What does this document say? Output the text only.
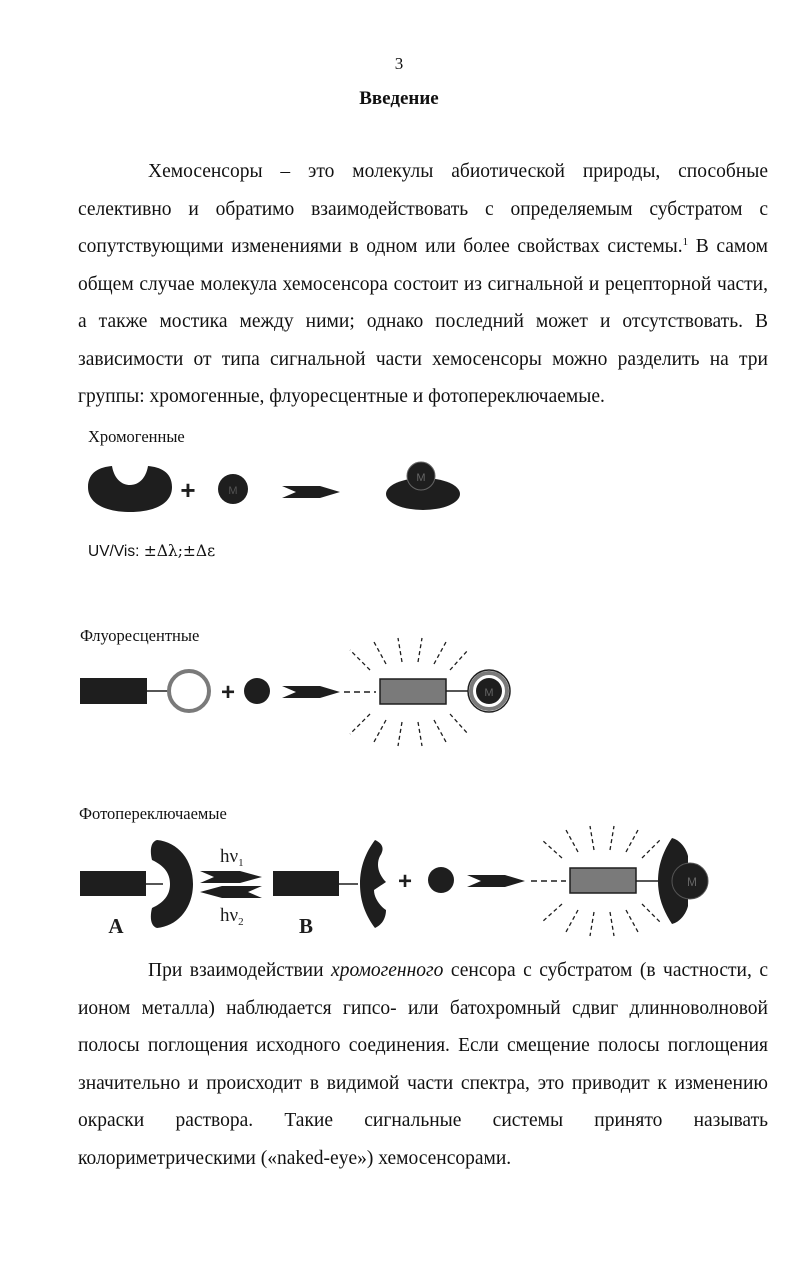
3
Введение

Хемосенсоры – это молекулы абиотической природы, способные селективно и обратимо взаимодействовать с определяемым субстратом с сопутствующими изменениями в одном или более свойствах системы.$^1$ В самом общем случае молекула хемосенсора состоит из сигнальной и рецепторной части, а также мостика между ними; однако последний может и отсутствовать. В зависимости от типа сигнальной части хемосенсоры можно разделить на три группы: хромогенные, флуоресцентные и фотопереключаемые.

Хромогенные
UV/Vis: ±Δλ;±Δε
Флуоресцентные
Фотопереключаемые
+	M
M
+	M
A
$h\nu_1$
$h\nu_2$	B
+	M

При взаимодействии хромогенного сенсора с субстратом (в частности, с ионом металла) наблюдается гипсо- или батохромный сдвиг длинноволновой полосы поглощения исходного соединения. Если смещение полосы поглощения значительно и происходит в видимой части спектра, это приводит к изменению окраски раствора. Такие сигнальные системы принято называть колориметрическими («naked-eye») хемосенсорами.
